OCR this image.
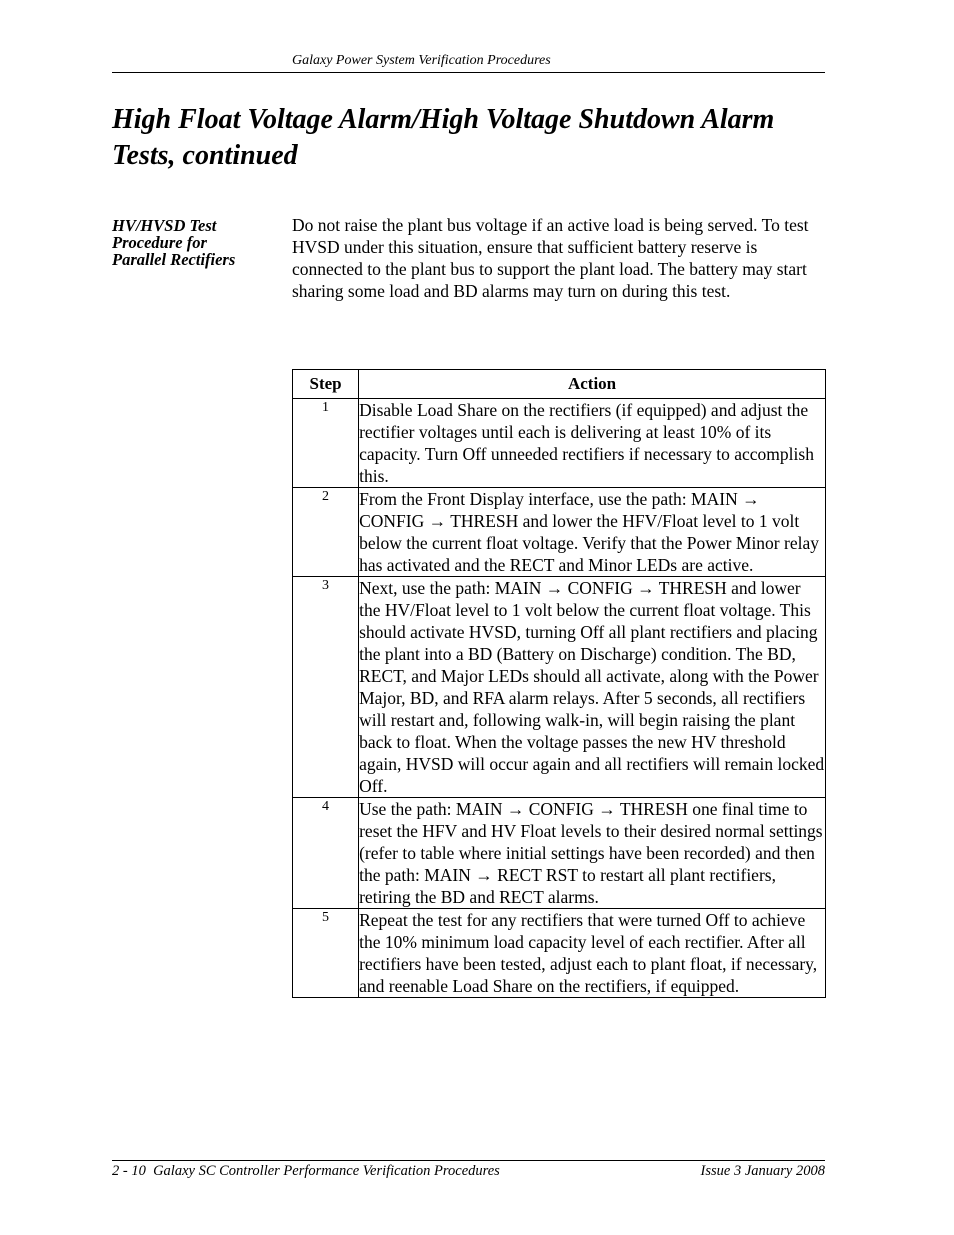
Galaxy Power System Verification Procedures
High Float Voltage Alarm/High Voltage Shutdown Alarm Tests, continued
HV/HVSD Test
Procedure for
Parallel Rectifiers

Do not raise the plant bus voltage if an active load is being served. To test HVSD under this situation, ensure that sufficient battery reserve is connected to the plant bus to support the plant load. The battery may start sharing some load and BD alarms may turn on during this test.

Step	Action
1	Disable Load Share on the rectifiers (if equipped) and adjust the rectifier voltages until each is delivering at least 10% of its capacity. Turn Off unneeded rectifiers if necessary to accomplish this.
2	From the Front Display interface, use the path: MAIN → CONFIG → THRESH and lower the HFV/Float level to 1 volt below the current float voltage. Verify that the Power Minor relay has activated and the RECT and Minor LEDs are active.
3	Next, use the path: MAIN → CONFIG → THRESH and lower the HV/Float level to 1 volt below the current float voltage. This should activate HVSD, turning Off all plant rectifiers and placing the plant into a BD (Battery on Discharge) condition. The BD, RECT, and Major LEDs should all activate, along with the Power Major, BD, and RFA alarm relays. After 5 seconds, all rectifiers will restart and, following walk-in, will begin raising the plant back to float. When the voltage passes the new HV threshold again, HVSD will occur again and all rectifiers will remain locked Off.
4	Use the path: MAIN → CONFIG → THRESH one final time to reset the HFV and HV Float levels to their desired normal settings (refer to table where initial settings have been recorded) and then the path: MAIN → RECT RST to restart all plant rectifiers, retiring the BD and RECT alarms.
5	Repeat the test for any rectifiers that were turned Off to achieve the 10% minimum load capacity level of each rectifier. After all rectifiers have been tested, adjust each to plant float, if necessary, and reenable Load Share on the rectifiers, if equipped.
2 - 10  Galaxy SC Controller Performance Verification Procedures	Issue 3 January 2008
